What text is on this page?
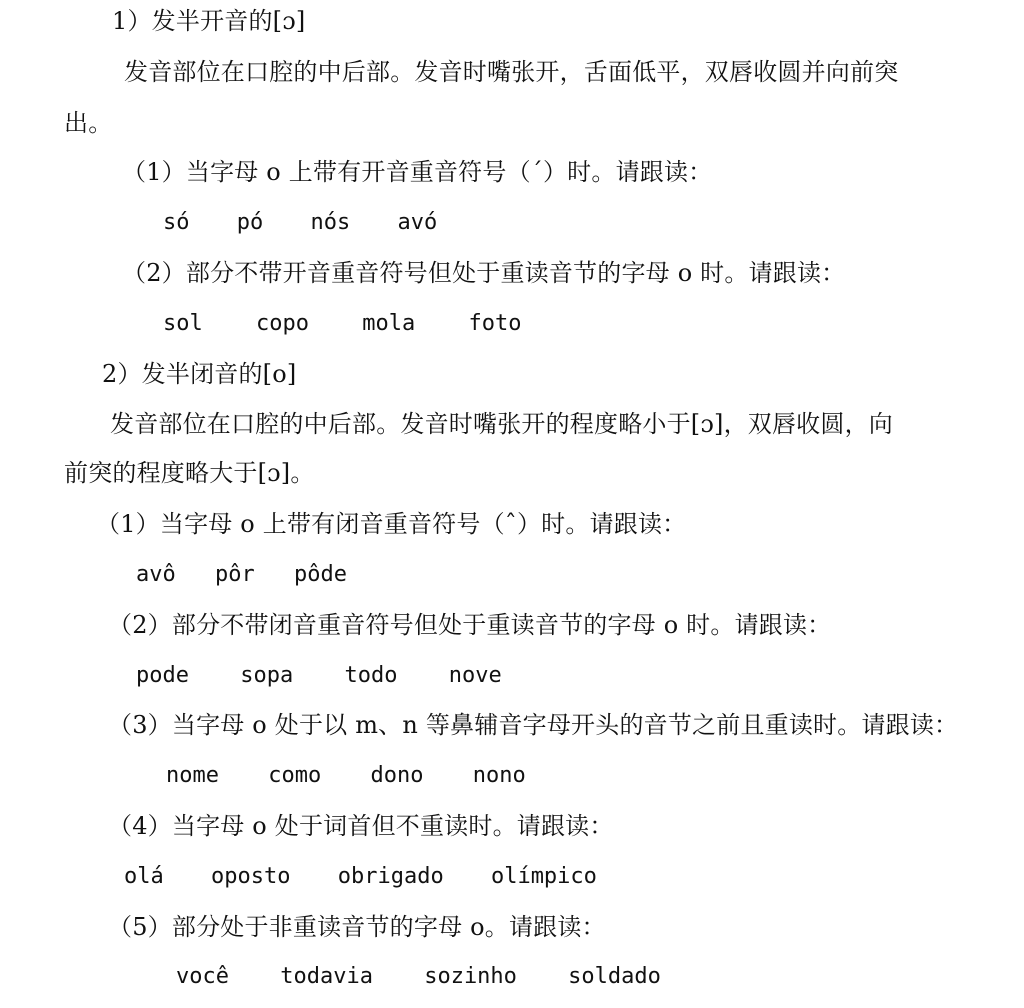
1）发半开音的[ɔ]
发音部位在口腔的中后部。发音时嘴张开，舌面低平，双唇收圆并向前突
出。
（1）当字母 o 上带有开音重音符号（´）时。请跟读：
só pó nós avó
（2）部分不带开音重音符号但处于重读音节的字母 o 时。请跟读：
sol copo mola foto
2）发半闭音的[o]
发音部位在口腔的中后部。发音时嘴张开的程度略小于[ɔ]，双唇收圆，向
前突的程度略大于[ɔ]。
（1）当字母 o 上带有闭音重音符号（ˆ）时。请跟读：
avô pôr pôde
（2）部分不带闭音重音符号但处于重读音节的字母 o 时。请跟读：
pode sopa todo nove
（3）当字母 o 处于以 m、n 等鼻辅音字母开头的音节之前且重读时。请跟读：
nome como dono nono
（4）当字母 o 处于词首但不重读时。请跟读：
olá oposto obrigado olímpico
（5）部分处于非重读音节的字母 o。请跟读：
você todavia sozinho soldado
